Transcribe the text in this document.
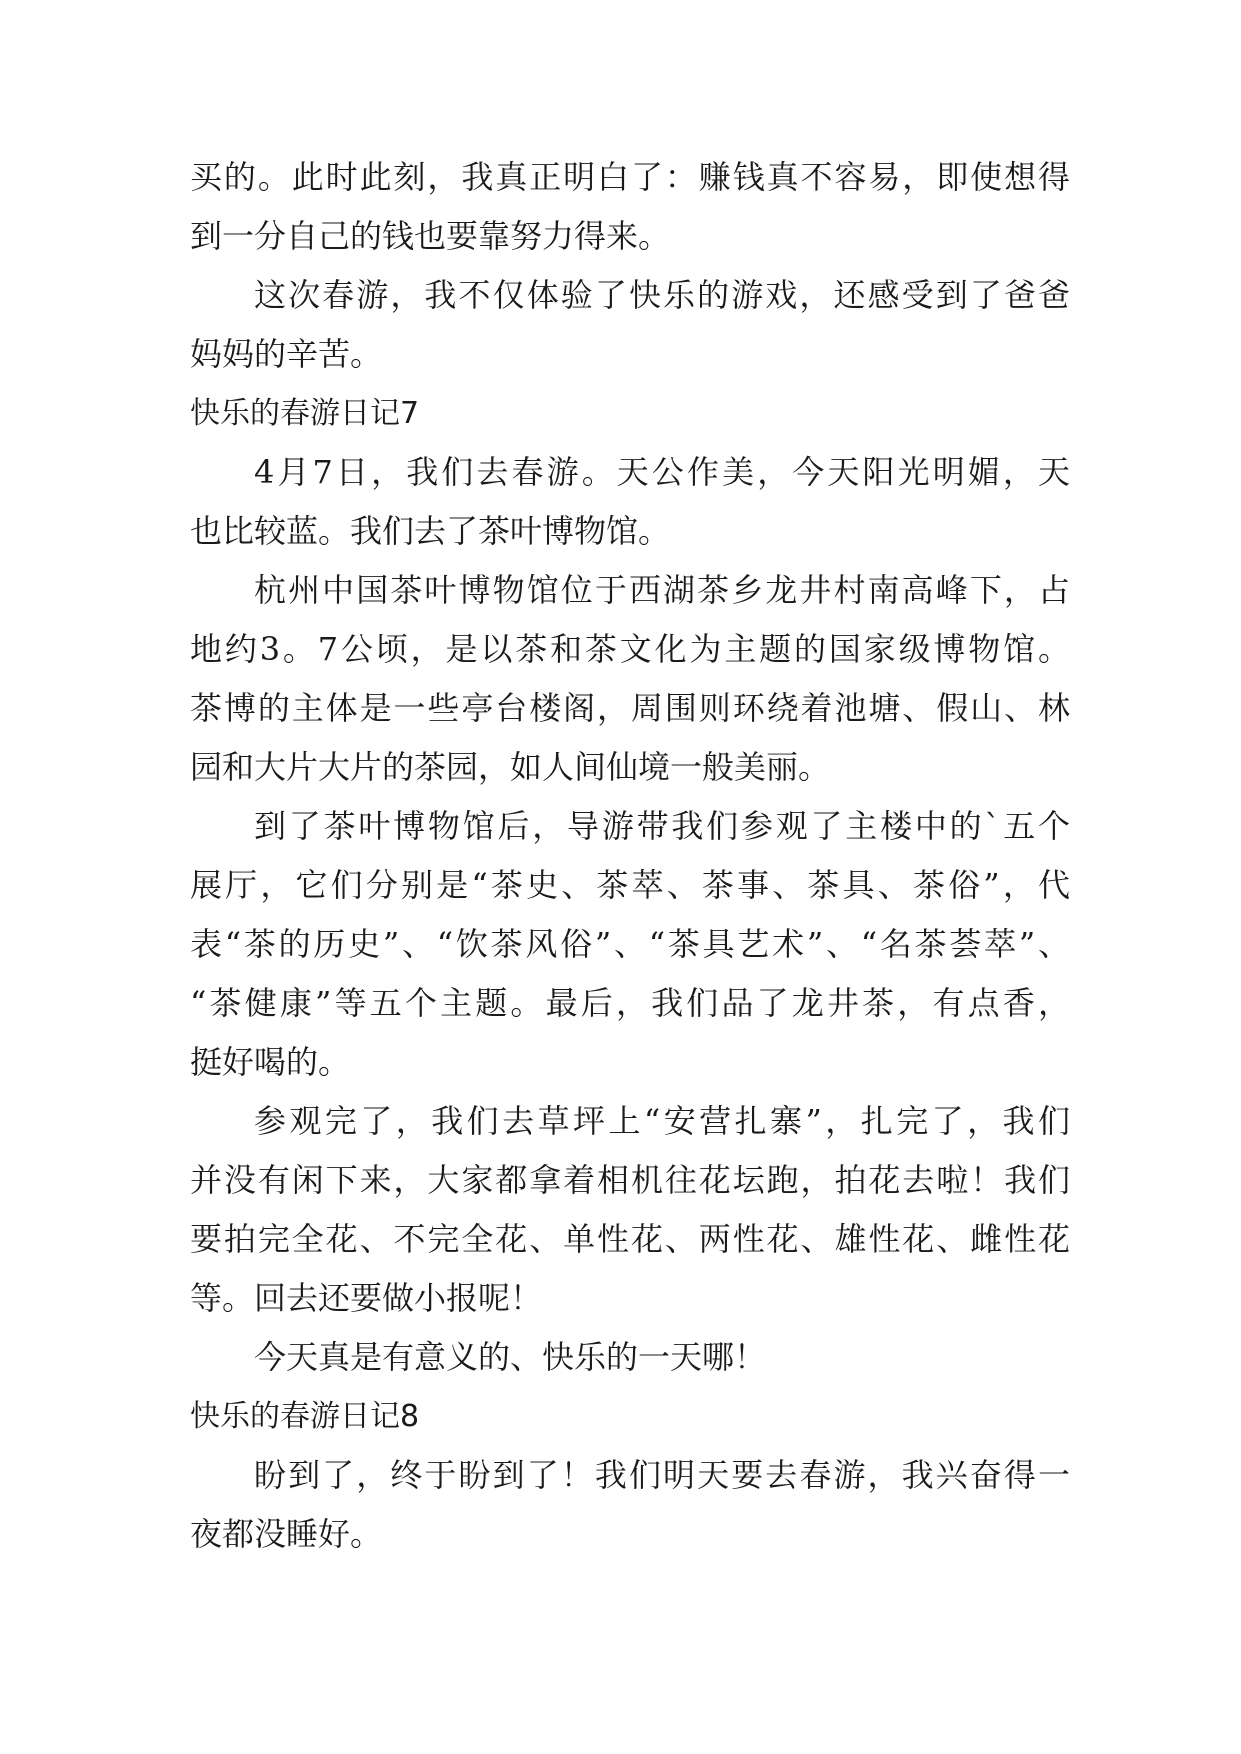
买的。此时此刻，我真正明白了：赚钱真不容易，即使想得
到一分自己的钱也要靠努力得来。
这次春游，我不仅体验了快乐的游戏，还感受到了爸爸
妈妈的辛苦。
快乐的春游日记7
4月7日，我们去春游。天公作美，今天阳光明媚，天
也比较蓝。我们去了茶叶博物馆。
杭州中国茶叶博物馆位于西湖茶乡龙井村南高峰下，占
地约3。7公顷，是以茶和茶文化为主题的国家级博物馆。
茶博的主体是一些亭台楼阁，周围则环绕着池塘、假山、林
园和大片大片的茶园，如人间仙境一般美丽。
到了茶叶博物馆后，导游带我们参观了主楼中的`五个
展厅，它们分别是“茶史、茶萃、茶事、茶具、茶俗”，代
表“茶的历史”、“饮茶风俗”、“茶具艺术”、“名茶荟萃”、
“茶健康”等五个主题。最后，我们品了龙井茶，有点香，
挺好喝的。
参观完了，我们去草坪上“安营扎寨”，扎完了，我们
并没有闲下来，大家都拿着相机往花坛跑，拍花去啦！我们
要拍完全花、不完全花、单性花、两性花、雄性花、雌性花
等。回去还要做小报呢！
今天真是有意义的、快乐的一天哪！
快乐的春游日记8
盼到了，终于盼到了！我们明天要去春游，我兴奋得一
夜都没睡好。
